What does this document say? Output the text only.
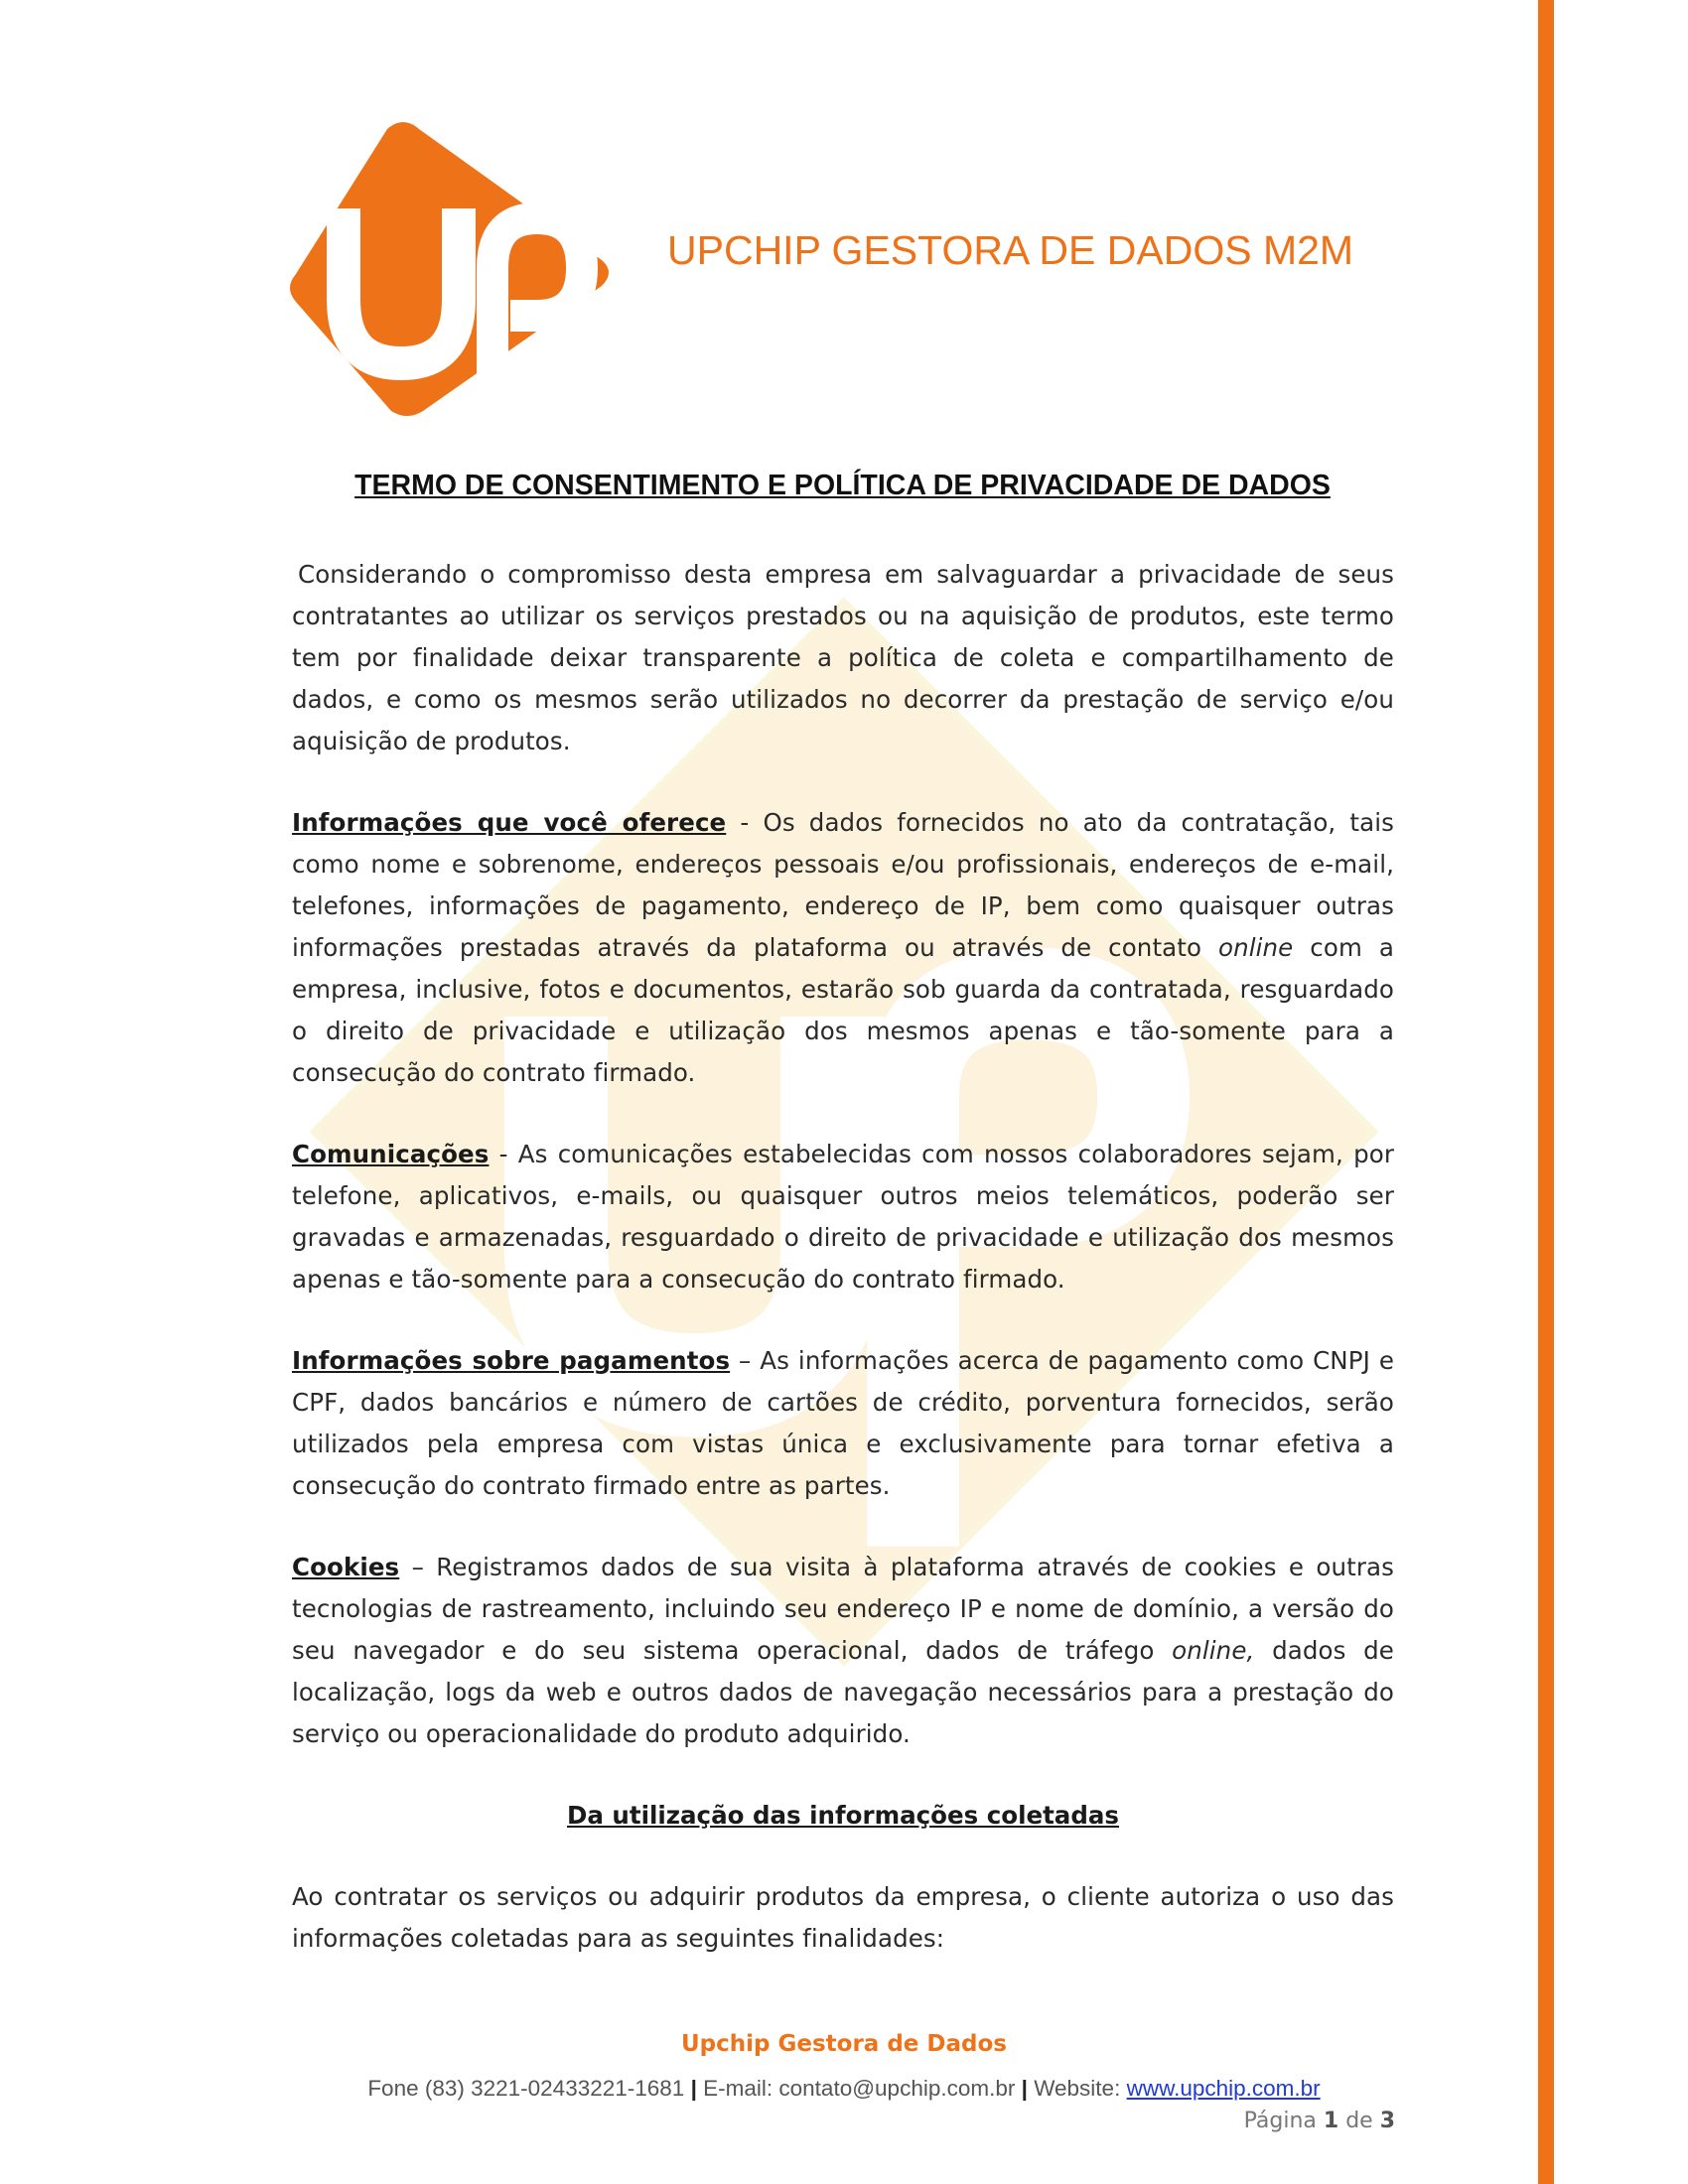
UPCHIP GESTORA DE DADOS M2M
TERMO DE CONSENTIMENTO E POLÍTICA DE PRIVACIDADE DE DADOS

Considerando o compromisso desta empresa em salvaguardar a privacidade de seus contratantes ao utilizar os serviços prestados ou na aquisição de produtos, este termo tem por finalidade deixar transparente a política de coleta e compartilhamento de dados, e como os mesmos serão utilizados no decorrer da prestação de serviço e/ou aquisição de produtos.

Informações que você oferece - Os dados fornecidos no ato da contratação, tais como nome e sobrenome, endereços pessoais e/ou profissionais, endereços de e-mail, telefones, informações de pagamento, endereço de IP, bem como quaisquer outras informações prestadas através da plataforma ou através de contato online com a empresa, inclusive, fotos e documentos, estarão sob guarda da contratada, resguardado o direito de privacidade e utilização dos mesmos apenas e tão-somente para a consecução do contrato firmado.

Comunicações - As comunicações estabelecidas com nossos colaboradores sejam, por telefone, aplicativos, e-mails, ou quaisquer outros meios telemáticos, poderão ser gravadas e armazenadas, resguardado o direito de privacidade e utilização dos mesmos apenas e tão-somente para a consecução do contrato firmado.

Informações sobre pagamentos – As informações acerca de pagamento como CNPJ e CPF, dados bancários e número de cartões de crédito, porventura fornecidos, serão utilizados pela empresa com vistas única e exclusivamente para tornar efetiva a consecução do contrato firmado entre as partes.

Cookies – Registramos dados de sua visita à plataforma através de cookies e outras tecnologias de rastreamento, incluindo seu endereço IP e nome de domínio, a versão do seu navegador e do seu sistema operacional, dados de tráfego online, dados de localização, logs da web e outros dados de navegação necessários para a prestação do serviço ou operacionalidade do produto adquirido.

Da utilização das informações coletadas

Ao contratar os serviços ou adquirir produtos da empresa, o cliente autoriza o uso das informações coletadas para as seguintes finalidades:

Upchip Gestora de Dados
Fone (83) 3221-02433221-1681 | E-mail: contato@upchip.com.br | Website: www.upchip.com.br
Página 1 de 3
